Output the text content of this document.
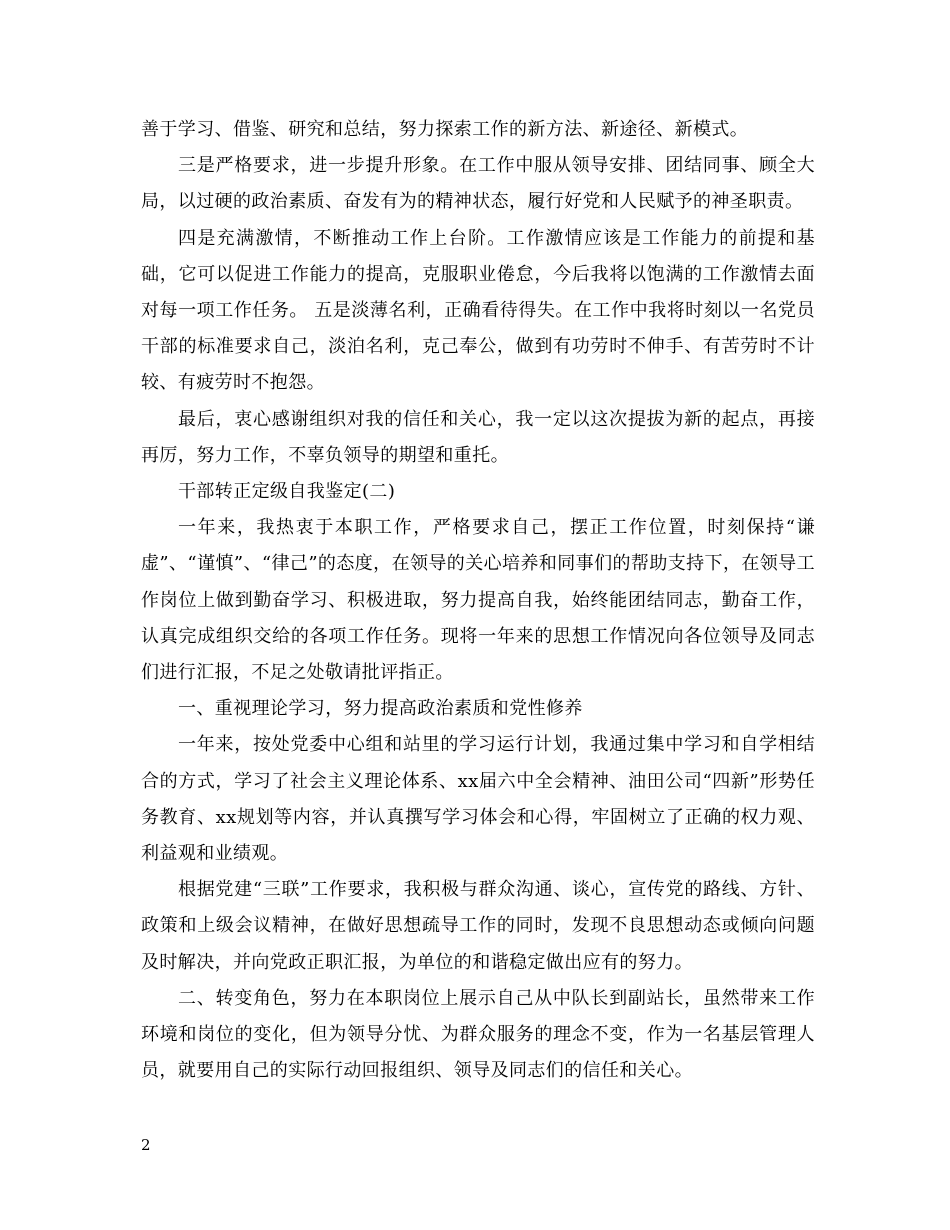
善于学习、借鉴、研究和总结，努力探索工作的新方法、新途径、新模式。

三是严格要求，进一步提升形象。在工作中服从领导安排、团结同事、顾全大局，以过硬的政治素质、奋发有为的精神状态，履行好党和人民赋予的神圣职责。

四是充满激情，不断推动工作上台阶。工作激情应该是工作能力的前提和基础，它可以促进工作能力的提高，克服职业倦怠，今后我将以饱满的工作激情去面对每一项工作任务。 五是淡薄名利，正确看待得失。在工作中我将时刻以一名党员干部的标准要求自己，淡泊名利，克己奉公，做到有功劳时不伸手、有苦劳时不计较、有疲劳时不抱怨。

最后，衷心感谢组织对我的信任和关心，我一定以这次提拔为新的起点，再接再厉，努力工作，不辜负领导的期望和重托。

干部转正定级自我鉴定(二)

一年来，我热衷于本职工作，严格要求自己，摆正工作位置，时刻保持“谦虚”、“谨慎”、“律己”的态度，在领导的关心培养和同事们的帮助支持下，在领导工作岗位上做到勤奋学习、积极进取，努力提高自我，始终能团结同志，勤奋工作，认真完成组织交给的各项工作任务。现将一年来的思想工作情况向各位领导及同志们进行汇报，不足之处敬请批评指正。

一、重视理论学习，努力提高政治素质和党性修养

一年来，按处党委中心组和站里的学习运行计划，我通过集中学习和自学相结合的方式，学习了社会主义理论体系、xx届六中全会精神、油田公司“四新”形势任务教育、xx规划等内容，并认真撰写学习体会和心得，牢固树立了正确的权力观、利益观和业绩观。

根据党建“三联”工作要求，我积极与群众沟通、谈心，宣传党的路线、方针、政策和上级会议精神，在做好思想疏导工作的同时，发现不良思想动态或倾向问题及时解决，并向党政正职汇报，为单位的和谐稳定做出应有的努力。

二、转变角色，努力在本职岗位上展示自己从中队长到副站长，虽然带来工作环境和岗位的变化，但为领导分忧、为群众服务的理念不变，作为一名基层管理人员，就要用自己的实际行动回报组织、领导及同志们的信任和关心。

2
